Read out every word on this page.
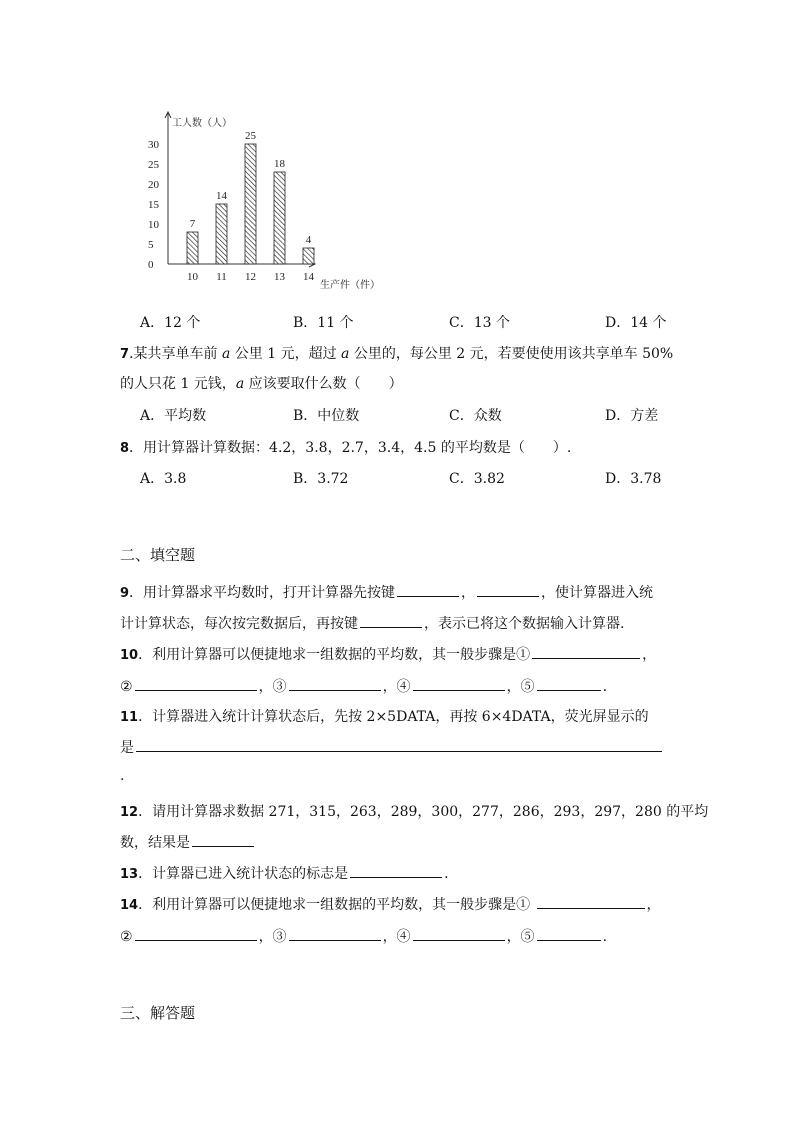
0
5
10
15
20
25
30
工人数（人）
生产件（件）
7
10
14
11
25
12
18
13
4
14
A．12 个	B．11 个	C．13 个	D．14 个
7.某共享单车前 a 公里 1 元，超过 a 公里的，每公里 2 元，若要使使用该共享单车 50%
的人只花 1 元钱，a 应该要取什么数（　　）
A．平均数	B．中位数	C．众数	D．方差
8．用计算器计算数据：4.2，3.8，2.7，3.4，4.5 的平均数是（　　）.
A．3.8	B．3.72	C．3.82	D．3.78
二、填空题
9．用计算器求平均数时，打开计算器先按键	，	，使计算器进入统
计计算状态，每次按完数据后，再按键	，表示已将这个数据输入计算器.
10．利用计算器可以便捷地求一组数据的平均数，其一般步骤是①	，
②	，③	，④	，⑤	.
11．计算器进入统计计算状态后，先按 2×5DATA，再按 6×4DATA，荧光屏显示的
是
.
12．请用计算器求数据 271，315，263，289，300，277，286，293，297，280 的平均
数，结果是
13．计算器已进入统计状态的标志是	.
14．利用计算器可以便捷地求一组数据的平均数，其一般步骤是①	，
②	，③	，④	，⑤	.
三、解答题
